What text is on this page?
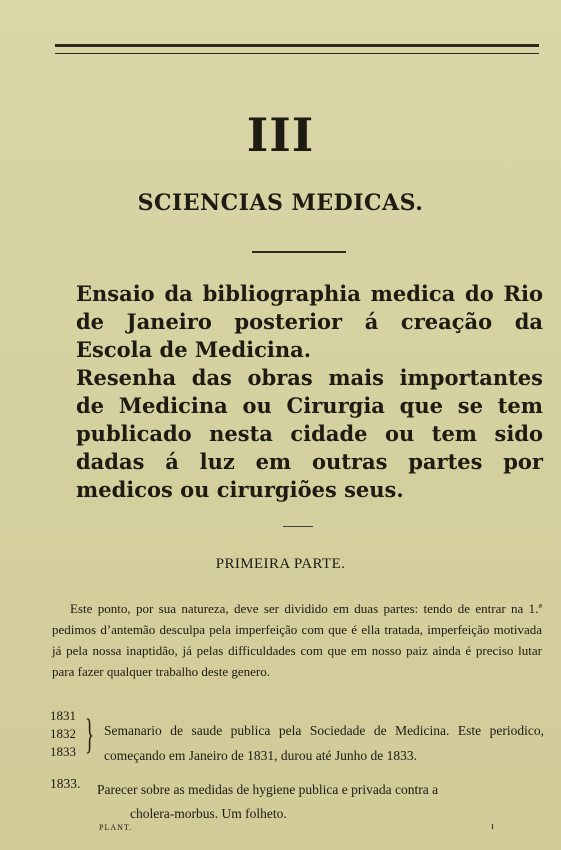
III
SCIENCIAS MEDICAS.

Ensaio da bibliographia medica do Rio de Janeiro posterior á creação da Escola de Medicina.

Resenha das obras mais importantes de Medicina ou Cirurgia que se tem publicado nesta cidade ou tem sido dadas á luz em outras partes por medicos ou cirurgiões seus.

PRIMEIRA PARTE.

Este ponto, por sua natureza, deve ser dividido em duas partes: tendo de entrar na 1.ª pedimos d’antemão desculpa pela imperfeição com que é ella tratada, imperfeição motivada já pela nossa inaptidão, já pelas difficuldades com que em nosso paiz ainda é preciso lutar para fazer qualquer trabalho deste genero.

1831
1832
1833 } Semanario de saude publica pela Sociedade de Medicina. Este periodico, começando em Janeiro de 1831, durou até Junho de 1833.
1833. Parecer sobre as medidas de hygiene publica e privada contra a
cholera-morbus. Um folheto.
PLANT.	ɪ
